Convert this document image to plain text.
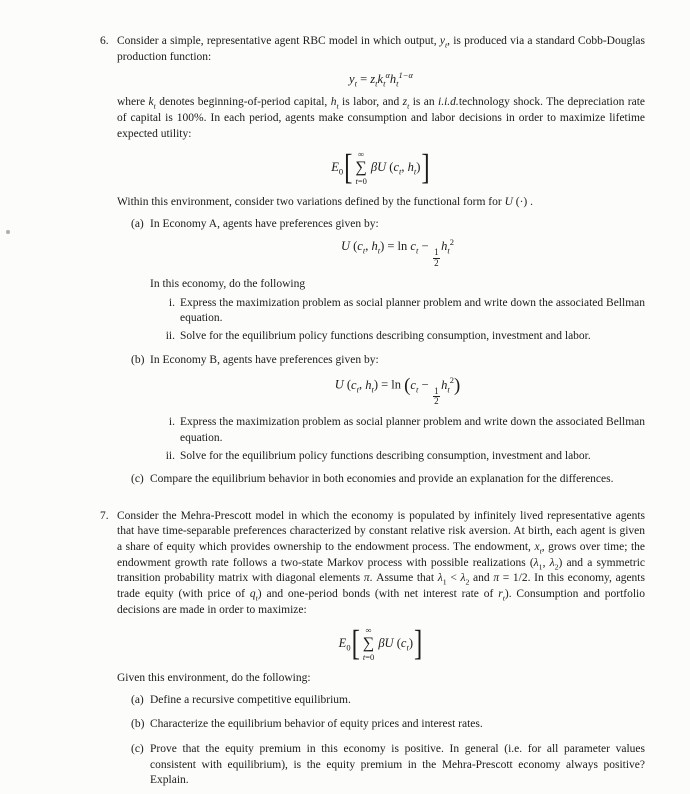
6. Consider a simple, representative agent RBC model in which output, $y_t$, is produced via a standard Cobb-Douglas production function:

$y_t = z_tk_t^\alpha h_t^{1-\alpha}$

where $k_t$ denotes beginning-of-period capital, $h_t$ is labor, and $z_t$ is an i.i.d.technology shock. The depreciation rate of capital is 100%. In each period, agents make consumption and labor decisions in order to maximize lifetime expected utility:

$E_0$ [ ∞
∑
t=0
βU ($c_t$, $h_t$) ]

Within this environment, consider two variations defined by the functional form for U (·) .

(a) In Economy A, agents have preferences given by:

U ($c_t$, $h_t) = \ln c_t$ −
$\frac{1}{2}$
$h_t^2$

In this economy, do the following

i. Express the maximization problem as social planner problem and write down the associated Bellman equation.
ii. Solve for the equilibrium policy functions describing consumption, investment and labor.
(b) In Economy B, agents have preferences given by:

U ($c_t$, $h_t) = \ln (c_t$ −
$\frac{1}{2}$
$h_t^2$)
i. Express the maximization problem as social planner problem and write down the associated Bellman equation.
ii. Solve for the equilibrium policy functions describing consumption, investment and labor.
(c) Compare the equilibrium behavior in both economies and provide an explanation for the differences.

7. Consider the Mehra-Prescott model in which the economy is populated by infinitely lived representative agents that have time-separable preferences characterized by constant relative risk aversion. At birth, each agent is given a share of equity which provides ownership to the endowment process. The endowment, $x_t$, grows over time; the endowment growth rate follows a two-state Markov process with possible realizations ($\lambda_1$, $\lambda_2$) and a symmetric transition probability matrix with diagonal elements π. Assume that $\lambda_1 < \lambda_2$ and π = 1/2. In this economy, agents trade equity (with price of $q_t$) and one-period bonds (with net interest rate of $r_t$). Consumption and portfolio decisions are made in order to maximize:

$E_0$ [ ∞
∑
t=0
βU $(c_t)$ ]

Given this environment, do the following:

(a) Define a recursive competitive equilibrium.

(b) Characterize the equilibrium behavior of equity prices and interest rates.

(c) Prove that the equity premium in this economy is positive. In general (i.e. for all parameter values consistent with equilibrium), is the equity premium in the Mehra-Prescott economy always positive? Explain.
